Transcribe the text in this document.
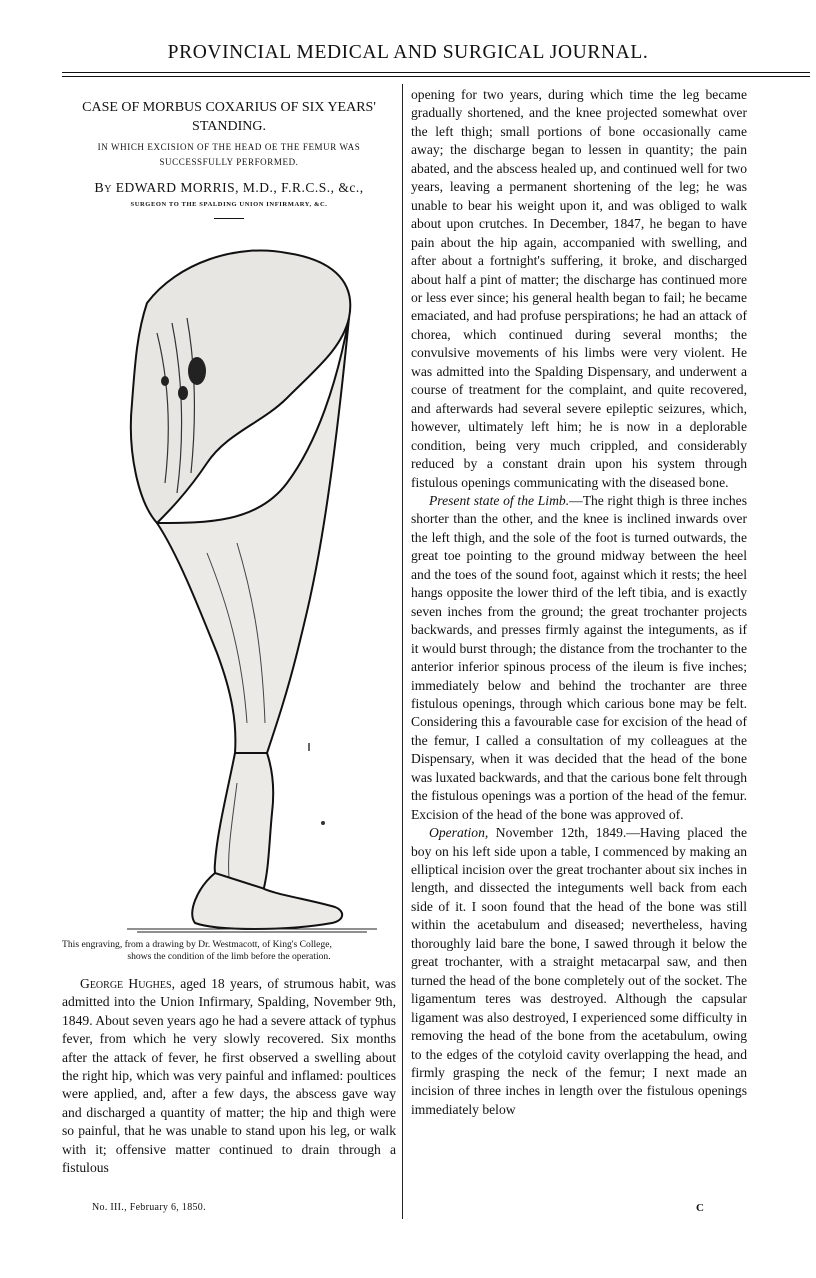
PROVINCIAL MEDICAL AND SURGICAL JOURNAL.
CASE OF MORBUS COXARIUS OF SIX YEARS' STANDING.

IN WHICH EXCISION OF THE HEAD OE THE FEMUR WAS SUCCESSFULLY PERFORMED.

By EDWARD MORRIS, M.D., F.R.C.S., &c.,

SURGEON TO THE SPALDING UNION INFIRMARY, &C.

This engraving, from a drawing by Dr. Westmacott, of King's College,
shows the condition of the limb before the operation.

George Hughes, aged 18 years, of strumous habit, was admitted into the Union Infirmary, Spalding, November 9th, 1849. About seven years ago he had a severe attack of typhus fever, from which he very slowly recovered. Six months after the attack of fever, he first observed a swelling about the right hip, which was very painful and inflamed: poultices were applied, and, after a few days, the abscess gave way and discharged a quantity of matter; the hip and thigh were so painful, that he was unable to stand upon his leg, or walk with it; offensive matter continued to drain through a fistulous

opening for two years, during which time the leg became gradually shortened, and the knee projected somewhat over the left thigh; small portions of bone occasionally came away; the discharge began to lessen in quantity; the pain abated, and the abscess healed up, and continued well for two years, leaving a permanent shortening of the leg; he was unable to bear his weight upon it, and was obliged to walk about upon crutches. In December, 1847, he began to have pain about the hip again, accompanied with swelling, and after about a fortnight's suffering, it broke, and discharged about half a pint of matter; the discharge has continued more or less ever since; his general health began to fail; he became emaciated, and had profuse perspirations; he had an attack of chorea, which continued during several months; the convulsive movements of his limbs were very violent. He was admitted into the Spalding Dispensary, and underwent a course of treatment for the complaint, and quite recovered, and afterwards had several severe epileptic seizures, which, however, ultimately left him; he is now in a deplorable condition, being very much crippled, and considerably reduced by a constant drain upon his system through fistulous openings communicating with the diseased bone.

Present state of the Limb.—The right thigh is three inches shorter than the other, and the knee is inclined inwards over the left thigh, and the sole of the foot is turned outwards, the great toe pointing to the ground midway between the heel and the toes of the sound foot, against which it rests; the heel hangs opposite the lower third of the left tibia, and is exactly seven inches from the ground; the great trochanter projects backwards, and presses firmly against the integuments, as if it would burst through; the distance from the trochanter to the anterior inferior spinous process of the ileum is five inches; immediately below and behind the trochanter are three fistulous openings, through which carious bone may be felt. Considering this a favourable case for excision of the head of the femur, I called a consultation of my colleagues at the Dispensary, when it was decided that the head of the bone was luxated backwards, and that the carious bone felt through the fistulous openings was a portion of the head of the femur. Excision of the head of the bone was approved of.

Operation, November 12th, 1849.—Having placed the boy on his left side upon a table, I commenced by making an elliptical incision over the great trochanter about six inches in length, and dissected the integuments well back from each side of it. I soon found that the head of the bone was still within the acetabulum and diseased; nevertheless, having thoroughly laid bare the bone, I sawed through it below the great trochanter, with a straight metacarpal saw, and then turned the head of the bone completely out of the socket. The ligamentum teres was destroyed. Although the capsular ligament was also destroyed, I experienced some difficulty in removing the head of the bone from the acetabulum, owing to the edges of the cotyloid cavity overlapping the head, and firmly grasping the neck of the femur; I next made an incision of three inches in length over the fistulous openings immediately below

No. III., February 6, 1850.	C
